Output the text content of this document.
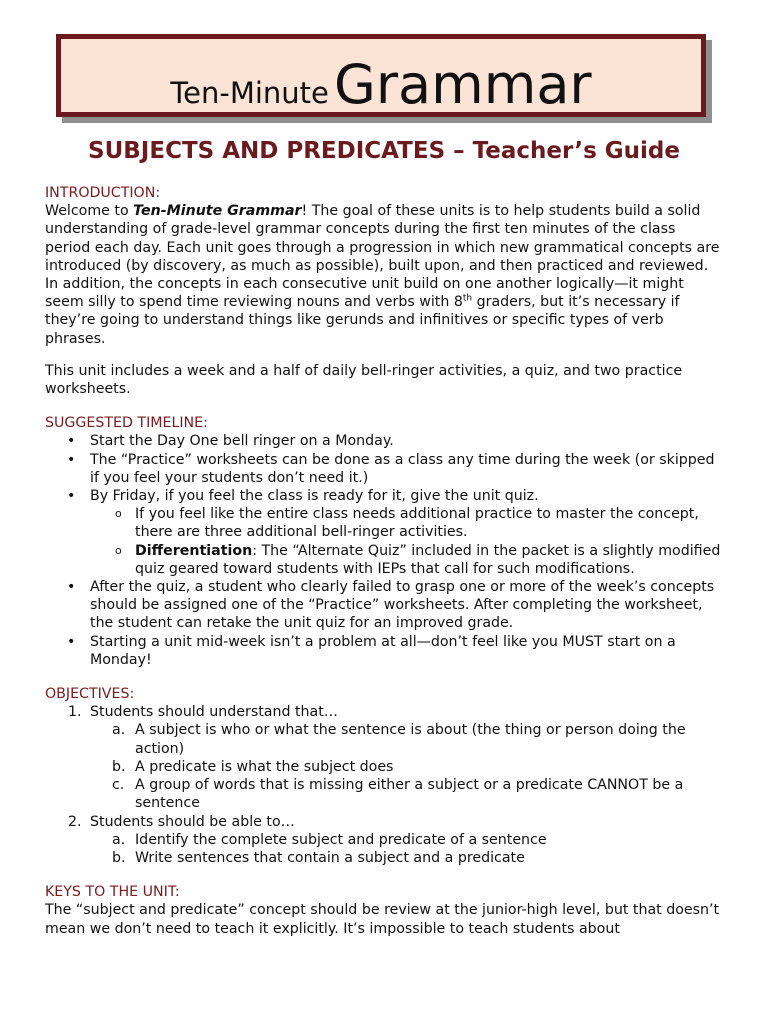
Ten-Minute Grammar
SUBJECTS AND PREDICATES – Teacher’s Guide
INTRODUCTION:

Welcome to Ten-Minute Grammar! The goal of these units is to help students build a solid understanding of grade-level grammar concepts during the first ten minutes of the class period each day. Each unit goes through a progression in which new grammatical concepts are introduced (by discovery, as much as possible), built upon, and then practiced and reviewed. In addition, the concepts in each consecutive unit build on one another logically—it might seem silly to spend time reviewing nouns and verbs with 8th graders, but it’s necessary if they’re going to understand things like gerunds and infinitives or specific types of verb phrases.

This unit includes a week and a half of daily bell-ringer activities, a quiz, and two practice worksheets.

SUGGESTED TIMELINE:
• Start the Day One bell ringer on a Monday.
• The “Practice” worksheets can be done as a class any time during the week (or skipped if you feel your students don’t need it.)
• By Friday, if you feel the class is ready for it, give the unit quiz.
o If you feel like the entire class needs additional practice to master the concept, there are three additional bell-ringer activities.
o Differentiation: The “Alternate Quiz” included in the packet is a slightly modified quiz geared toward students with IEPs that call for such modifications.
• After the quiz, a student who clearly failed to grasp one or more of the week’s concepts should be assigned one of the “Practice” worksheets. After completing the worksheet, the student can retake the unit quiz for an improved grade.
• Starting a unit mid-week isn’t a problem at all—don’t feel like you MUST start on a Monday!
OBJECTIVES:
1. Students should understand that…
a. A subject is who or what the sentence is about (the thing or person doing the action)
b. A predicate is what the subject does
c. A group of words that is missing either a subject or a predicate CANNOT be a sentence
2. Students should be able to…
a. Identify the complete subject and predicate of a sentence
b. Write sentences that contain a subject and a predicate
KEYS TO THE UNIT:

The “subject and predicate” concept should be review at the junior-high level, but that doesn’t mean we don’t need to teach it explicitly. It’s impossible to teach students about
